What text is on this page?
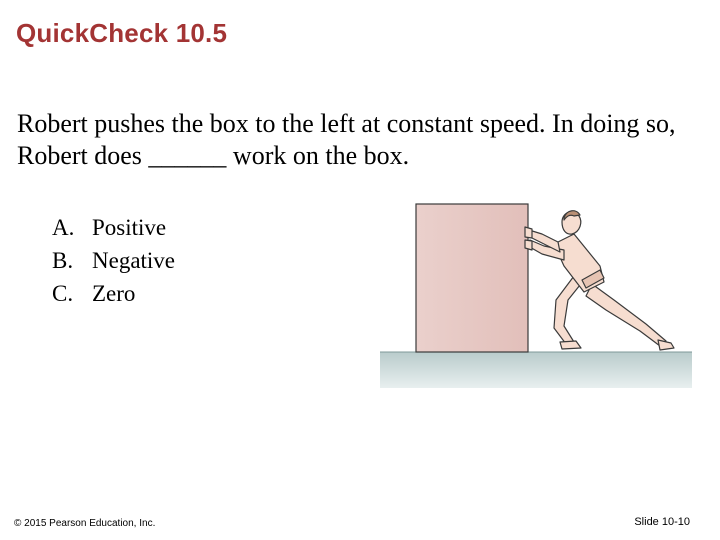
QuickCheck 10.5
Robert pushes the box to the left at constant speed. In doing so, Robert does ______ work on the box.
A. Positive
B. Negative
C. Zero
© 2015 Pearson Education, Inc.	Slide 10-10
